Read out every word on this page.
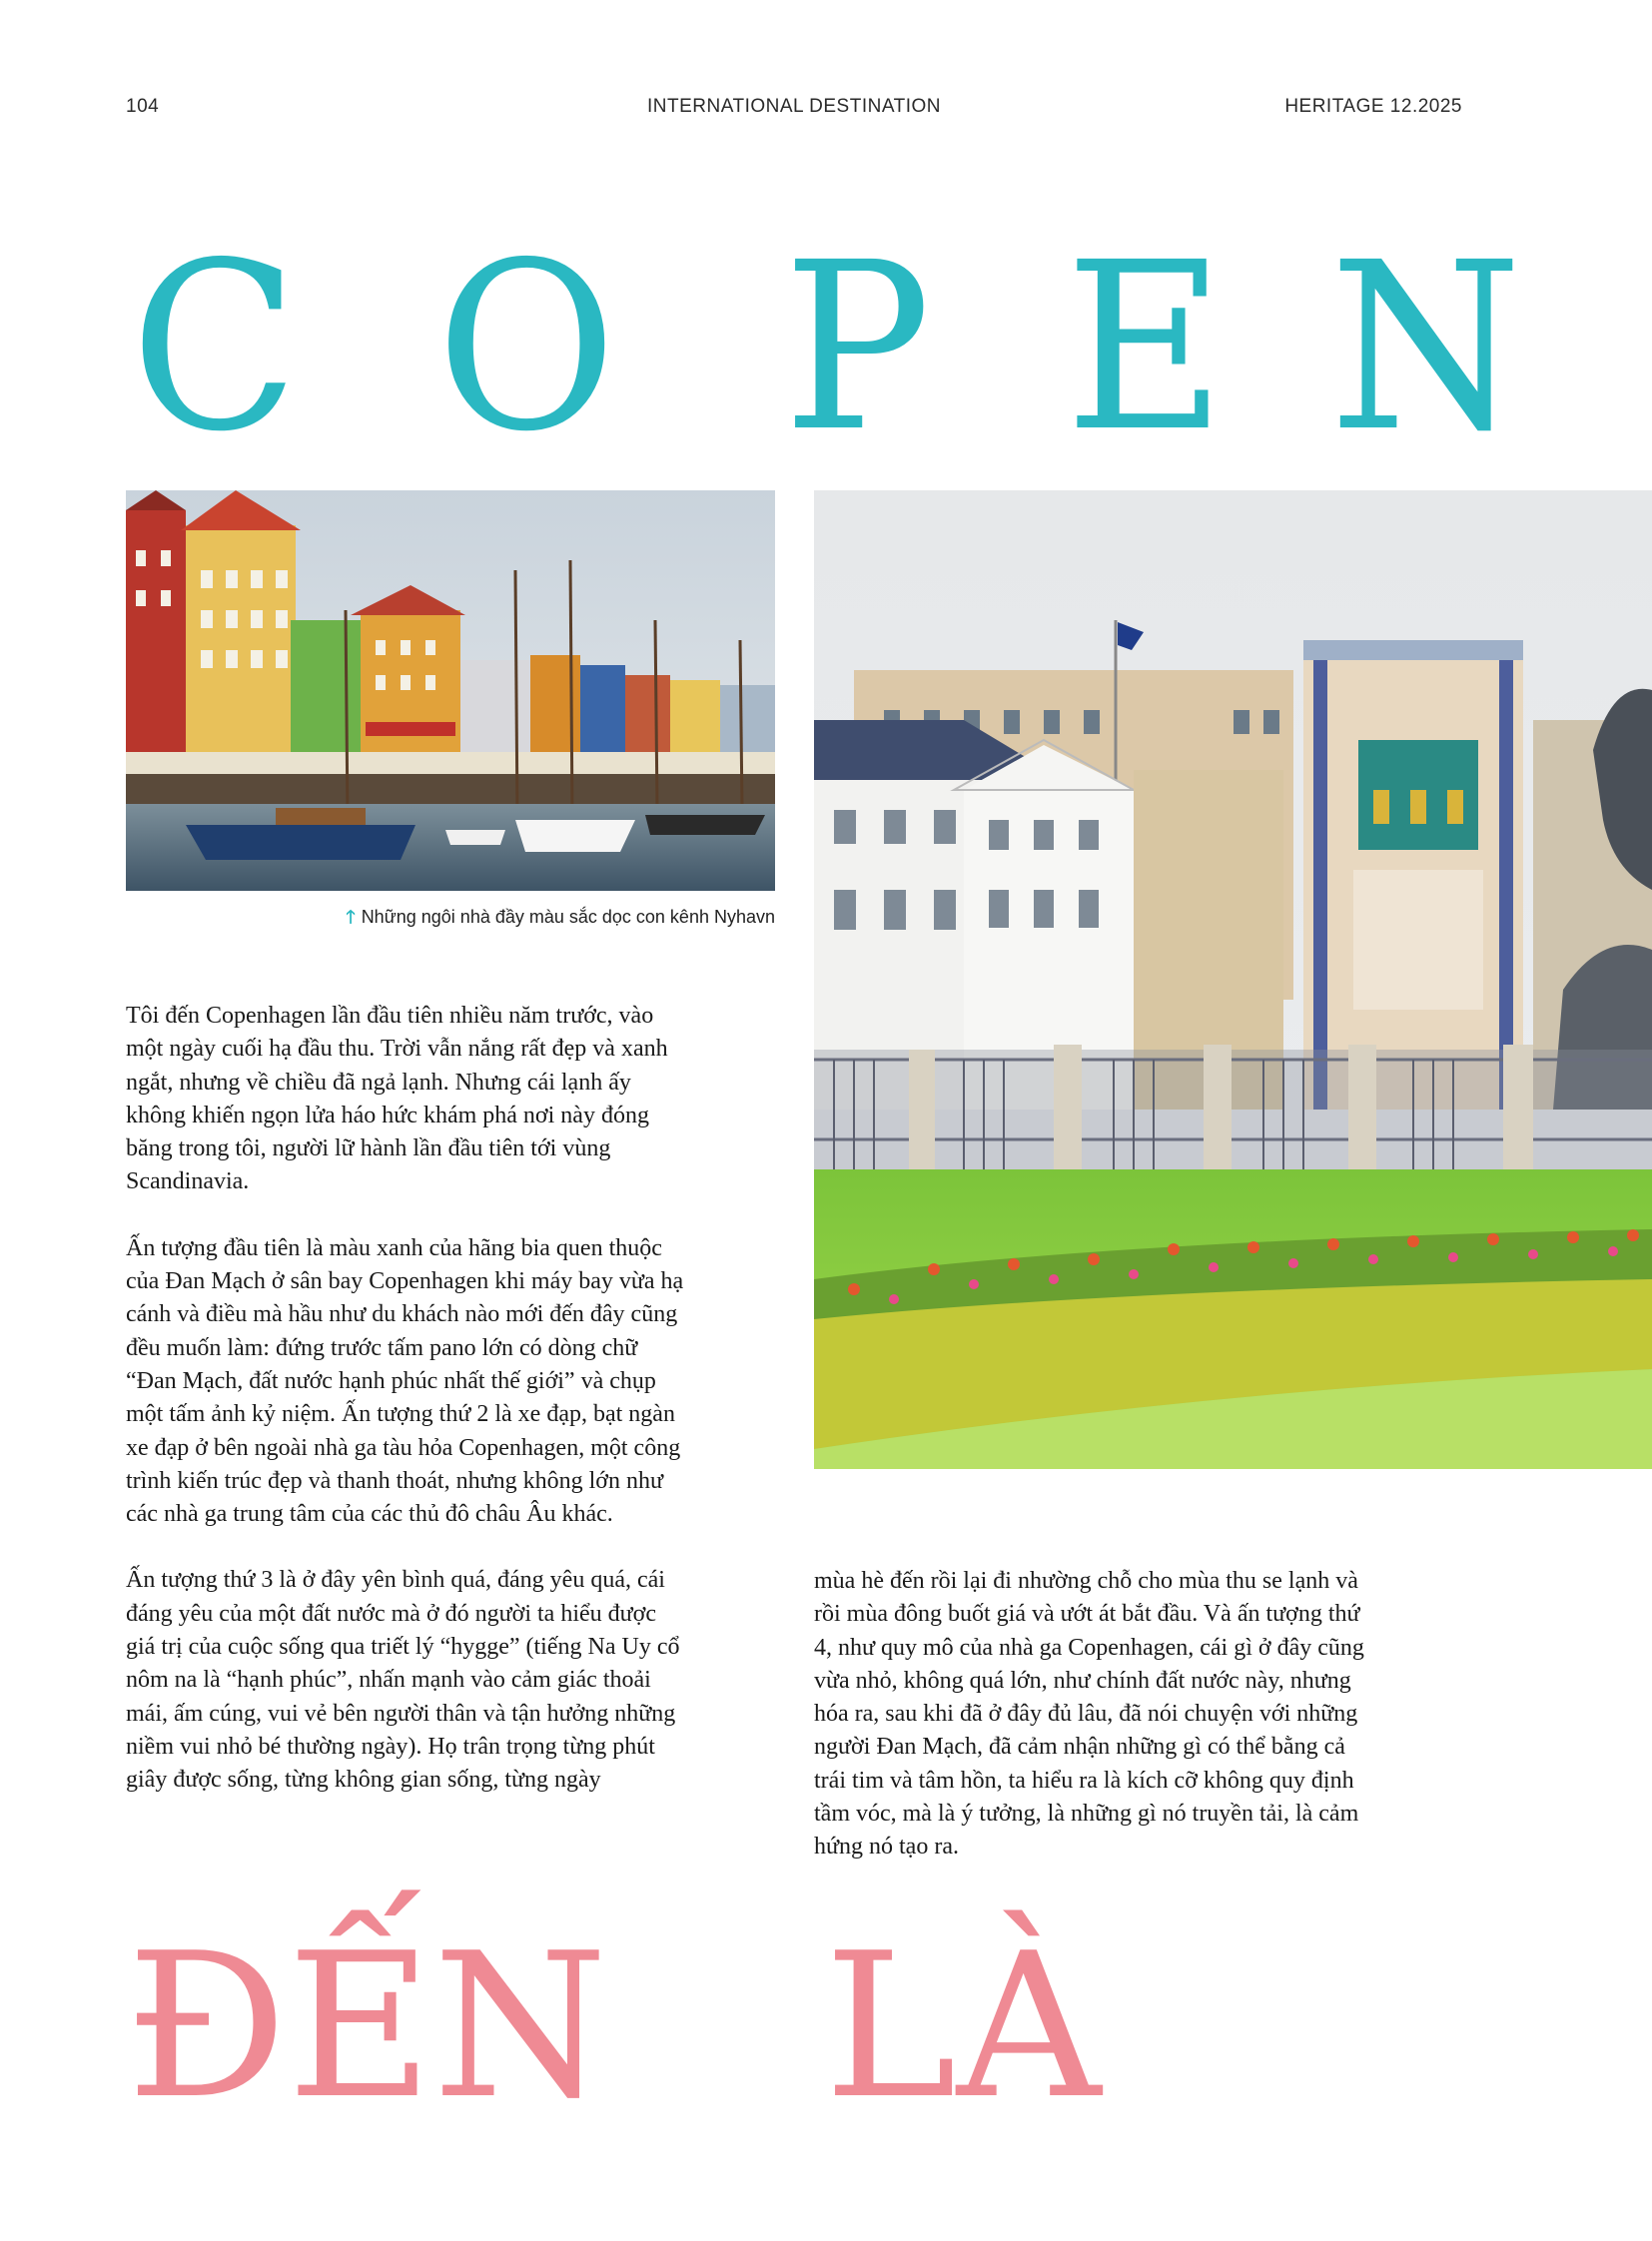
104	INTERNATIONAL DESTINATION	HERITAGE 12.2025
C O P E N
🡑 Những ngôi nhà đầy màu sắc dọc con kênh Nyhavn

Tôi đến Copenhagen lần đầu tiên nhiều năm trước, vào một ngày cuối hạ đầu thu. Trời vẫn nắng rất đẹp và xanh ngắt, nhưng về chiều đã ngả lạnh. Nhưng cái lạnh ấy không khiến ngọn lửa háo hức khám phá nơi này đóng băng trong tôi, người lữ hành lần đầu tiên tới vùng Scandinavia.

Ấn tượng đầu tiên là màu xanh của hãng bia quen thuộc của Đan Mạch ở sân bay Copenhagen khi máy bay vừa hạ cánh và điều mà hầu như du khách nào mới đến đây cũng đều muốn làm: đứng trước tấm pano lớn có dòng chữ “Đan Mạch, đất nước hạnh phúc nhất thế giới” và chụp một tấm ảnh kỷ niệm. Ấn tượng thứ 2 là xe đạp, bạt ngàn xe đạp ở bên ngoài nhà ga tàu hỏa Copenhagen, một công trình kiến trúc đẹp và thanh thoát, nhưng không lớn như các nhà ga trung tâm của các thủ đô châu Âu khác.

Ấn tượng thứ 3 là ở đây yên bình quá, đáng yêu quá, cái đáng yêu của một đất nước mà ở đó người ta hiểu được giá trị của cuộc sống qua triết lý “hygge” (tiếng Na Uy cổ nôm na là “hạnh phúc”, nhấn mạnh vào cảm giác thoải mái, ấm cúng, vui vẻ bên người thân và tận hưởng những niềm vui nhỏ bé thường ngày). Họ trân trọng từng phút giây được sống, từng không gian sống, từng ngày

mùa hè đến rồi lại đi nhường chỗ cho mùa thu se lạnh và rồi mùa đông buốt giá và ướt át bắt đầu. Và ấn tượng thứ 4, như quy mô của nhà ga Copenhagen, cái gì ở đây cũng vừa nhỏ, không quá lớn, như chính đất nước này, nhưng hóa ra, sau khi đã ở đây đủ lâu, đã nói chuyện với những người Đan Mạch, đã cảm nhận những gì có thể bằng cả trái tim và tâm hồn, ta hiểu ra là kích cỡ không quy định tầm vóc, mà là ý tưởng, là những gì nó truyền tải, là cảm hứng nó tạo ra.

ĐẾN LÀ
